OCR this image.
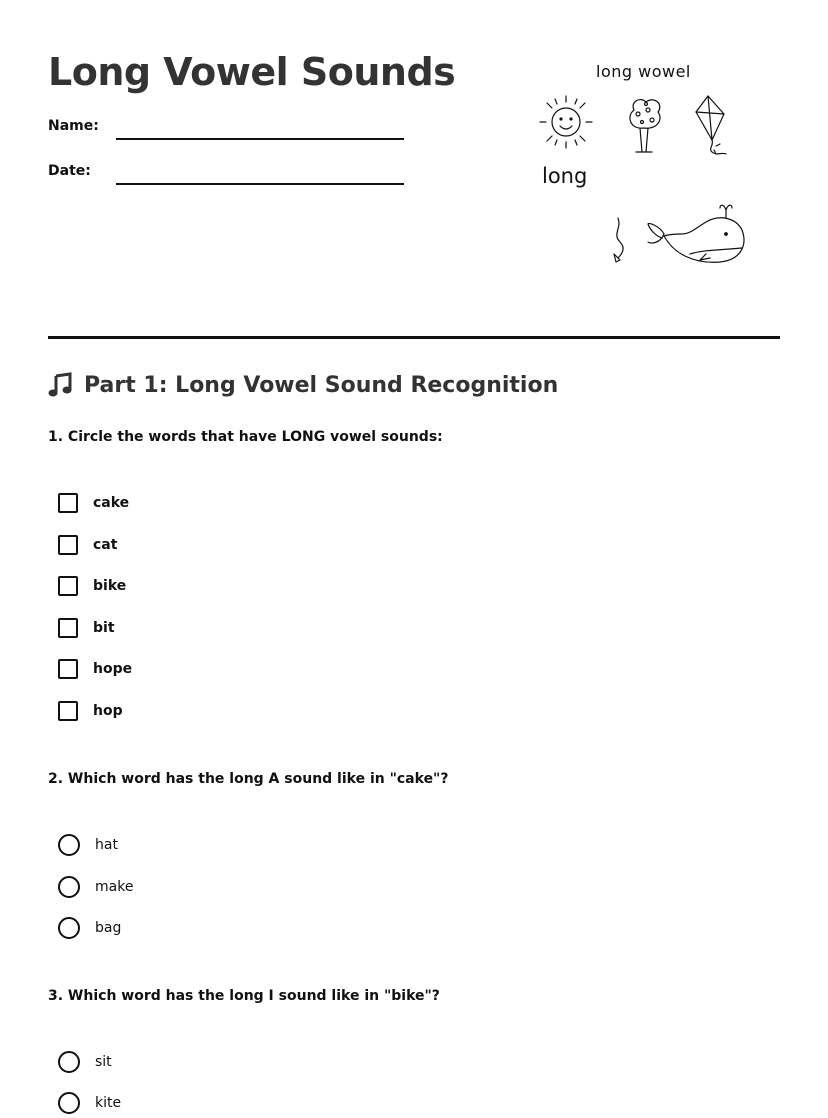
Long Vowel Sounds
Name:
Date:
long wowel
long
Part 1: Long Vowel Sound Recognition
1. Circle the words that have LONG vowel sounds:
cake
cat
bike
bit
hope
hop
2. Which word has the long A sound like in "cake"?
hat
make
bag
3. Which word has the long I sound like in "bike"?
sit
kite
